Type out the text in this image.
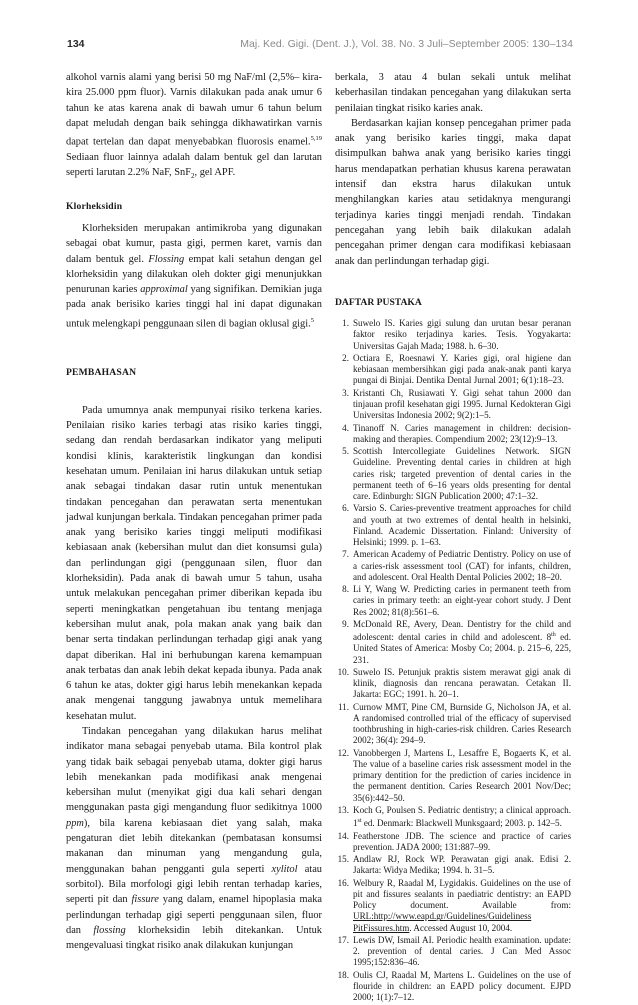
134	Maj. Ked. Gigi. (Dent. J.), Vol. 38. No. 3 Juli–September 2005: 130–134

alkohol varnis alami yang berisi 50 mg NaF/ml (2,5%– kira-kira 25.000 ppm fluor). Varnis dilakukan pada anak umur 6 tahun ke atas karena anak di bawah umur 6 tahun belum dapat meludah dengan baik sehingga dikhawatirkan varnis dapat tertelan dan dapat menyebabkan fluorosis enamel.$^{5,19}$ Sediaan fluor lainnya adalah dalam bentuk gel dan larutan seperti larutan 2.2% NaF, SnF$_2$, gel APF.

Klorheksidin

Klorheksiden merupakan antimikroba yang digunakan sebagai obat kumur, pasta gigi, permen karet, varnis dan dalam bentuk gel. Flossing empat kali setahun dengan gel klorheksidin yang dilakukan oleh dokter gigi menunjukkan penurunan karies approximal yang signifikan. Demikian juga pada anak berisiko karies tinggi hal ini dapat digunakan untuk melengkapi penggunaan silen di bagian oklusal gigi.$^5$

PEMBAHASAN

Pada umumnya anak mempunyai risiko terkena karies. Penilaian risiko karies terbagi atas risiko karies tinggi, sedang dan rendah berdasarkan indikator yang meliputi kondisi klinis, karakteristik lingkungan dan kondisi kesehatan umum. Penilaian ini harus dilakukan untuk setiap anak sebagai tindakan dasar rutin untuk menentukan tindakan pencegahan dan perawatan serta menentukan jadwal kunjungan berkala. Tindakan pencegahan primer pada anak yang berisiko karies tinggi meliputi modifikasi kebiasaan anak (kebersihan mulut dan diet konsumsi gula) dan perlindungan gigi (penggunaan silen, fluor dan klorheksidin). Pada anak di bawah umur 5 tahun, usaha untuk melakukan pencegahan primer diberikan kepada ibu seperti meningkatkan pengetahuan ibu tentang menjaga kebersihan mulut anak, pola makan anak yang baik dan benar serta tindakan perlindungan terhadap gigi anak yang dapat diberikan. Hal ini berhubungan karena kemampuan anak terbatas dan anak lebih dekat kepada ibunya. Pada anak 6 tahun ke atas, dokter gigi harus lebih menekankan kepada anak mengenai tanggung jawabnya untuk memelihara kesehatan mulut.

Tindakan pencegahan yang dilakukan harus melihat indikator mana sebagai penyebab utama. Bila kontrol plak yang tidak baik sebagai penyebab utama, dokter gigi harus lebih menekankan pada modifikasi anak mengenai kebersihan mulut (menyikat gigi dua kali sehari dengan menggunakan pasta gigi mengandung fluor sedikitnya 1000 ppm), bila karena kebiasaan diet yang salah, maka pengaturan diet lebih ditekankan (pembatasan konsumsi makanan dan minuman yang mengandung gula, menggunakan bahan pengganti gula seperti xylitol atau sorbitol). Bila morfologi gigi lebih rentan terhadap karies, seperti pit dan fissure yang dalam, enamel hipoplasia maka perlindungan terhadap gigi seperti penggunaan silen, fluor dan flossing klorheksidin lebih ditekankan. Untuk mengevaluasi tingkat risiko anak dilakukan kunjungan

berkala, 3 atau 4 bulan sekali untuk melihat keberhasilan tindakan pencegahan yang dilakukan serta penilaian tingkat risiko karies anak.

Berdasarkan kajian konsep pencegahan primer pada anak yang berisiko karies tinggi, maka dapat disimpulkan bahwa anak yang berisiko karies tinggi harus mendapatkan perhatian khusus karena perawatan intensif dan ekstra harus dilakukan untuk menghilangkan karies atau setidaknya mengurangi terjadinya karies tinggi menjadi rendah. Tindakan pencegahan yang lebih baik dilakukan adalah pencegahan primer dengan cara modifikasi kebiasaan anak dan perlindungan terhadap gigi.

DAFTAR PUSTAKA
1. Suwelo IS. Karies gigi sulung dan urutan besar peranan faktor resiko terjadinya karies. Tesis. Yogyakarta: Universitas Gajah Mada; 1988. h. 6–30.
2. Octiara E, Roesnawi Y. Karies gigi, oral higiene dan kebiasaan membersihkan gigi pada anak-anak panti karya pungai di Binjai. Dentika Dental Jurnal 2001; 6(1):18–23.
3. Kristanti Ch, Rusiawati Y. Gigi sehat tahun 2000 dan tinjauan profil kesehatan gigi 1995. Jurnal Kedokteran Gigi Universitas Indonesia 2002; 9(2):1–5.
4. Tinanoff N. Caries management in children: decision-making and therapies. Compendium 2002; 23(12):9–13.
5. Scottish Intercollegiate Guidelines Network. SIGN Guideline. Preventing dental caries in children at high caries risk; targeted prevention of dental caries in the permanent teeth of 6–16 years olds presenting for dental care. Edinburgh: SIGN Publication 2000; 47:1–32.
6. Varsio S. Caries-preventive treatment approaches for child and youth at two extremes of dental health in helsinki, Finland. Academic Dissertation. Finland: University of Helsinki; 1999. p. 1–63.
7. American Academy of Pediatric Dentistry. Policy on use of a caries-risk assessment tool (CAT) for infants, children, and adolescent. Oral Health Dental Policies 2002; 18–20.
8. Li Y, Wang W. Predicting caries in permanent teeth from caries in primary teeth: an eight-year cohort study. J Dent Res 2002; 81(8):561–6.
9. McDonald RE, Avery, Dean. Dentistry for the child and adolescent: dental caries in child and adolescent. 8th ed. United States of America: Mosby Co; 2004. p. 215–6, 225, 231.
10. Suwelo IS. Petunjuk praktis sistem merawat gigi anak di klinik, diagnosis dan rencana perawatan. Cetakan II. Jakarta: EGC; 1991. h. 20–1.
11. Curnow MMT, Pine CM, Burnside G, Nicholson JA, et al. A randomised controlled trial of the efficacy of supervised toothbrushing in high-caries-risk children. Caries Research 2002; 36(4): 294–9.
12. Vanobbergen J, Martens L, Lesaffre E, Bogaerts K, et al. The value of a baseline caries risk assessment model in the primary dentition for the prediction of caries incidence in the permanent dentition. Caries Research 2001 Nov/Dec; 35(6):442–50.
13. Koch G, Poulsen S. Pediatric dentistry; a clinical approach. 1st ed. Denmark: Blackwell Munksgaard; 2003. p. 142–5.
14. Featherstone JDB. The science and practice of caries prevention. JADA 2000; 131:887–99.
15. Andlaw RJ, Rock WP. Perawatan gigi anak. Edisi 2. Jakarta: Widya Medika; 1994. h. 31–5.
16. Welbury R, Raadal M, Lygidakis. Guidelines on the use of pit and fissures sealants in paediatric dentistry: an EAPD Policy document. Available from: URL:http://www.eapd.gr/Guidelines/Guideliness PitFissures.htm. Accessed August 10, 2004.
17. Lewis DW, Ismail AI. Periodic health examination. update: 2. prevention of dental caries. J Can Med Assoc 1995;152:836–46.
18. Oulis CJ, Raadal M, Martens L. Guidelines on the use of flouride in children: an EAPD policy document. EJPD 2000; 1(1):7–12.
